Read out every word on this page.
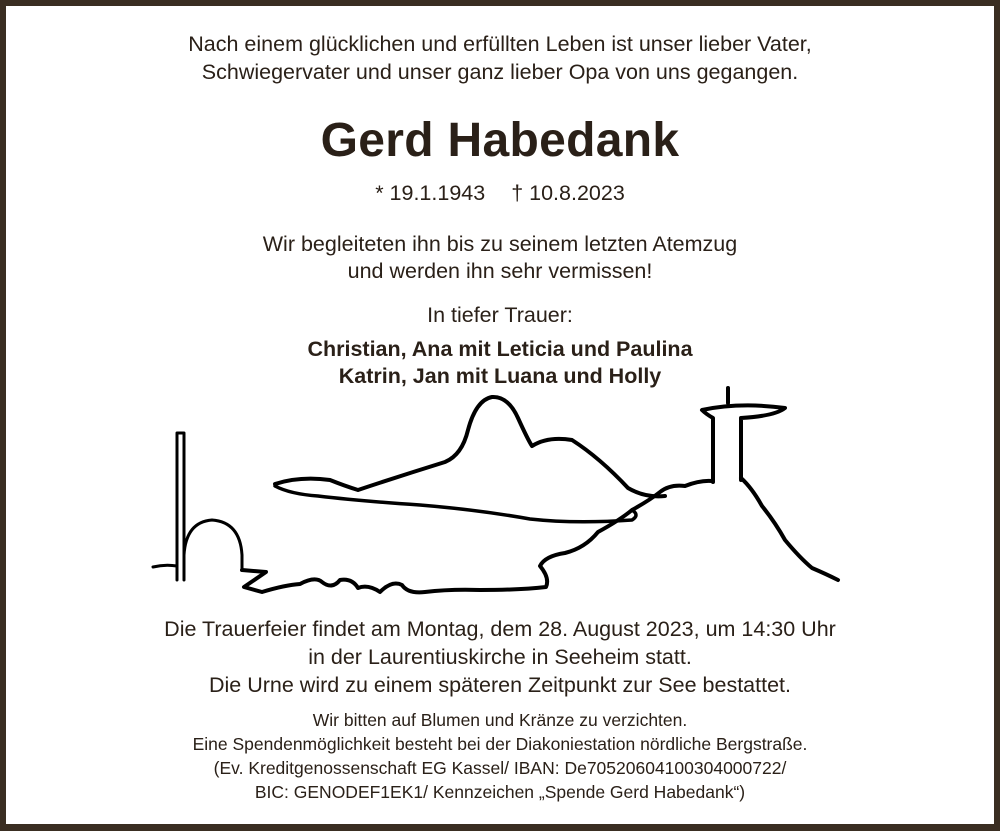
Nach einem glücklichen und erfüllten Leben ist unser lieber Vater,
Schwiegervater und unser ganz lieber Opa von uns gegangen.
Gerd Habedank
* 19.1.1943 † 10.8.2023
Wir begleiteten ihn bis zu seinem letzten Atemzug
und werden ihn sehr vermissen!
In tiefer Trauer:
Christian, Ana mit Leticia und Paulina
Katrin, Jan mit Luana und Holly
Die Trauerfeier findet am Montag, dem 28. August 2023, um 14:30 Uhr
in der Laurentiuskirche in Seeheim statt.
Die Urne wird zu einem späteren Zeitpunkt zur See bestattet.
Wir bitten auf Blumen und Kränze zu verzichten.
Eine Spendenmöglichkeit besteht bei der Diakoniestation nördliche Bergstraße.
(Ev. Kreditgenossenschaft EG Kassel/ IBAN: De70520604100304000722/
BIC: GENODEF1EK1/ Kennzeichen „Spende Gerd Habedank“)
